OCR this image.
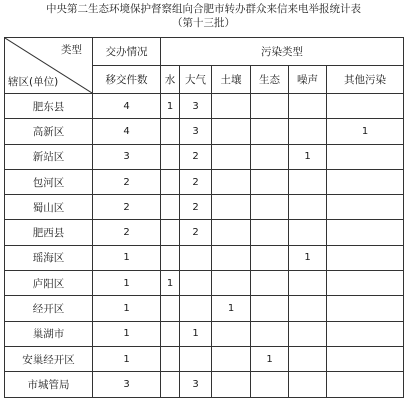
中央第二生态环境保护督察组向合肥市转办群众来信来电举报统计表
（第十三批）
类型
辖区(单位)	交办情况	污染类型					
	移交件数	水	大气	土壤	生态	噪声	其他污染
肥东县	4	1	3				
高新区	4		3				1
新站区	3		2			1	
包河区	2		2				
蜀山区	2		2				
肥西县	2		2				
瑶海区	1					1	
庐阳区	1	1					
经开区	1			1			
巢湖市	1		1				
安巢经开区	1				1		
市城管局	3		3				
